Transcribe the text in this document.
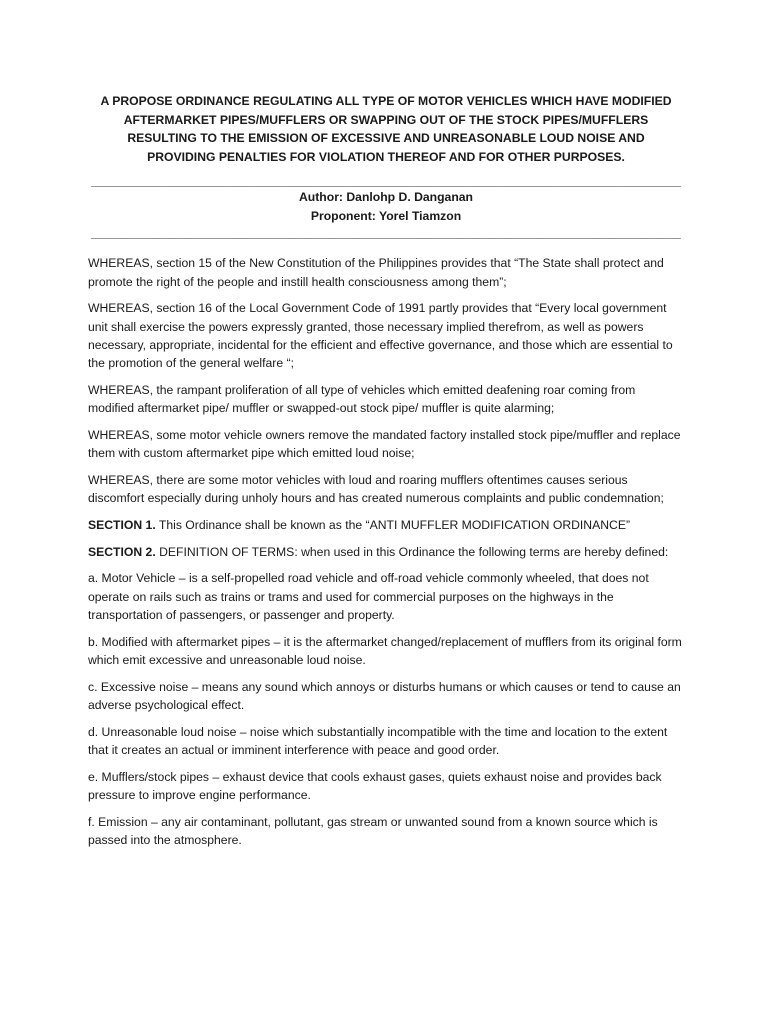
A PROPOSE ORDINANCE REGULATING ALL TYPE OF MOTOR VEHICLES WHICH HAVE MODIFIED AFTERMARKET PIPES/MUFFLERS OR SWAPPING OUT OF THE STOCK PIPES/MUFFLERS RESULTING TO THE EMISSION OF EXCESSIVE AND UNREASONABLE LOUD NOISE AND PROVIDING PENALTIES FOR VIOLATION THEREOF AND FOR OTHER PURPOSES.
_______________________________________________________________________________________
Author: Danlohp D. Danganan
Proponent: Yorel Tiamzon
_______________________________________________________________________________________

WHEREAS, section 15 of the New Constitution of the Philippines provides that “The State shall protect and promote the right of the people and instill health consciousness among them”;

WHEREAS, section 16 of the Local Government Code of 1991 partly provides that “Every local government unit shall exercise the powers expressly granted, those necessary implied therefrom, as well as powers necessary, appropriate, incidental for the efficient and effective governance, and those which are essential to the promotion of the general welfare “;

WHEREAS, the rampant proliferation of all type of vehicles which emitted deafening roar coming from modified aftermarket pipe/ muffler or swapped-out stock pipe/ muffler is quite alarming;

WHEREAS, some motor vehicle owners remove the mandated factory installed stock pipe/muffler and replace them with custom aftermarket pipe which emitted loud noise;

WHEREAS, there are some motor vehicles with loud and roaring mufflers oftentimes causes serious discomfort especially during unholy hours and has created numerous complaints and public condemnation;

SECTION 1. This Ordinance shall be known as the “ANTI MUFFLER MODIFICATION ORDINANCE”

SECTION 2. DEFINITION OF TERMS: when used in this Ordinance the following terms are hereby defined:

a. Motor Vehicle – is a self-propelled road vehicle and off-road vehicle commonly wheeled, that does not operate on rails such as trains or trams and used for commercial purposes on the highways in the transportation of passengers, or passenger and property.

b. Modified with aftermarket pipes – it is the aftermarket changed/replacement of mufflers from its original form which emit excessive and unreasonable loud noise.

c. Excessive noise – means any sound which annoys or disturbs humans or which causes or tend to cause an adverse psychological effect.

d. Unreasonable loud noise – noise which substantially incompatible with the time and location to the extent that it creates an actual or imminent interference with peace and good order.

e. Mufflers/stock pipes – exhaust device that cools exhaust gases, quiets exhaust noise and provides back pressure to improve engine performance.

f. Emission – any air contaminant, pollutant, gas stream or unwanted sound from a known source which is passed into the atmosphere.
